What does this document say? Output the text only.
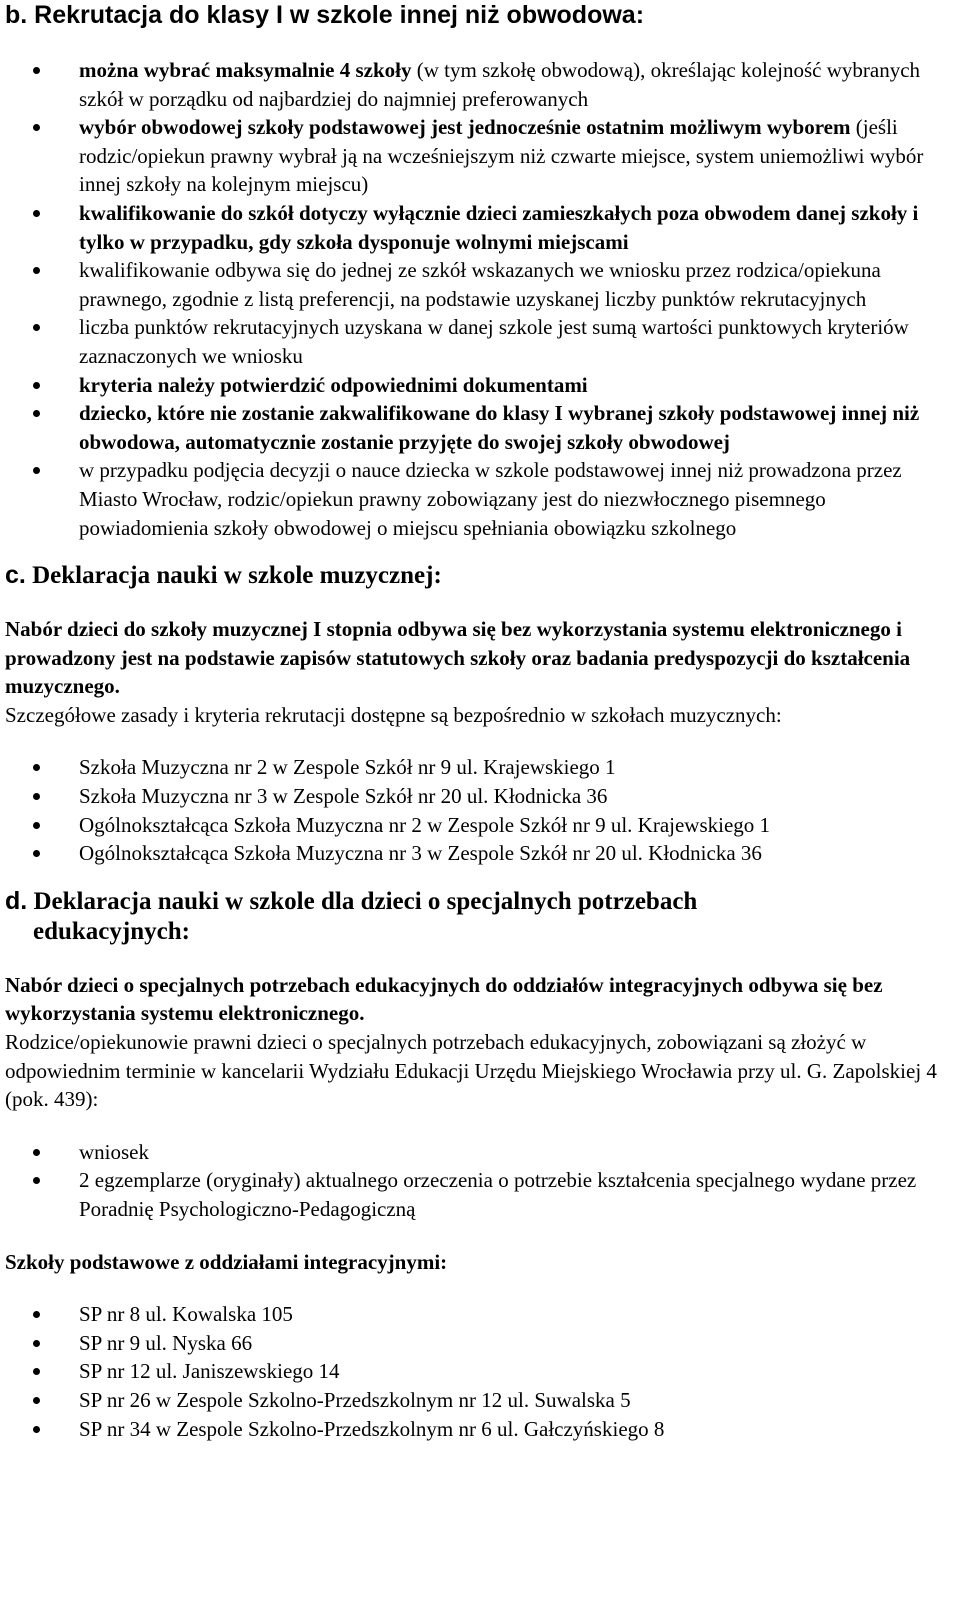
b. Rekrutacja do klasy I w szkole innej niż obwodowa:
można wybrać maksymalnie 4 szkoły (w tym szkołę obwodową), określając kolejność wybranych szkół w porządku od najbardziej do najmniej preferowanych
wybór obwodowej szkoły podstawowej jest jednocześnie ostatnim możliwym wyborem (jeśli rodzic/opiekun prawny wybrał ją na wcześniejszym niż czwarte miejsce, system uniemożliwi wybór innej szkoły na kolejnym miejscu)
kwalifikowanie do szkół dotyczy wyłącznie dzieci zamieszkałych poza obwodem danej szkoły i tylko w przypadku, gdy szkoła dysponuje wolnymi miejscami
kwalifikowanie odbywa się do jednej ze szkół wskazanych we wniosku przez rodzica/opiekuna prawnego, zgodnie z listą preferencji, na podstawie uzyskanej liczby punktów rekrutacyjnych
liczba punktów rekrutacyjnych uzyskana w danej szkole jest sumą wartości punktowych kryteriów zaznaczonych we wniosku
kryteria należy potwierdzić odpowiednimi dokumentami
dziecko, które nie zostanie zakwalifikowane do klasy I wybranej szkoły podstawowej innej niż obwodowa, automatycznie zostanie przyjęte do swojej szkoły obwodowej
w przypadku podjęcia decyzji o nauce dziecka w szkole podstawowej innej niż prowadzona przez Miasto Wrocław, rodzic/opiekun prawny zobowiązany jest do niezwłocznego pisemnego powiadomienia szkoły obwodowej o miejscu spełniania obowiązku szkolnego
c. Deklaracja nauki w szkole muzycznej:

Nabór dzieci do szkoły muzycznej I stopnia odbywa się bez wykorzystania systemu elektronicznego i prowadzony jest na podstawie zapisów statutowych szkoły oraz badania predyspozycji do kształcenia muzycznego.

Szczegółowe zasady i kryteria rekrutacji dostępne są bezpośrednio w szkołach muzycznych:

Szkoła Muzyczna nr 2 w Zespole Szkół nr 9 ul. Krajewskiego 1
Szkoła Muzyczna nr 3 w Zespole Szkół nr 20 ul. Kłodnicka 36
Ogólnokształcąca Szkoła Muzyczna nr 2 w Zespole Szkół nr 9 ul. Krajewskiego 1
Ogólnokształcąca Szkoła Muzyczna nr 3 w Zespole Szkół nr 20 ul. Kłodnicka 36
d. Deklaracja nauki w szkole dla dzieci o specjalnych potrzebach
edukacyjnych:

Nabór dzieci o specjalnych potrzebach edukacyjnych do oddziałów integracyjnych odbywa się bez wykorzystania systemu elektronicznego.

Rodzice/opiekunowie prawni dzieci o specjalnych potrzebach edukacyjnych, zobowiązani są złożyć w odpowiednim terminie w kancelarii Wydziału Edukacji Urzędu Miejskiego Wrocławia przy ul. G. Zapolskiej 4 (pok. 439):

wniosek
2 egzemplarze (oryginały) aktualnego orzeczenia o potrzebie kształcenia specjalnego wydane przez Poradnię Psychologiczno-Pedagogiczną

Szkoły podstawowe z oddziałami integracyjnymi:

SP nr 8 ul. Kowalska 105
SP nr 9 ul. Nyska 66
SP nr 12 ul. Janiszewskiego 14
SP nr 26 w Zespole Szkolno-Przedszkolnym nr 12 ul. Suwalska 5
SP nr 34 w Zespole Szkolno-Przedszkolnym nr 6 ul. Gałczyńskiego 8
